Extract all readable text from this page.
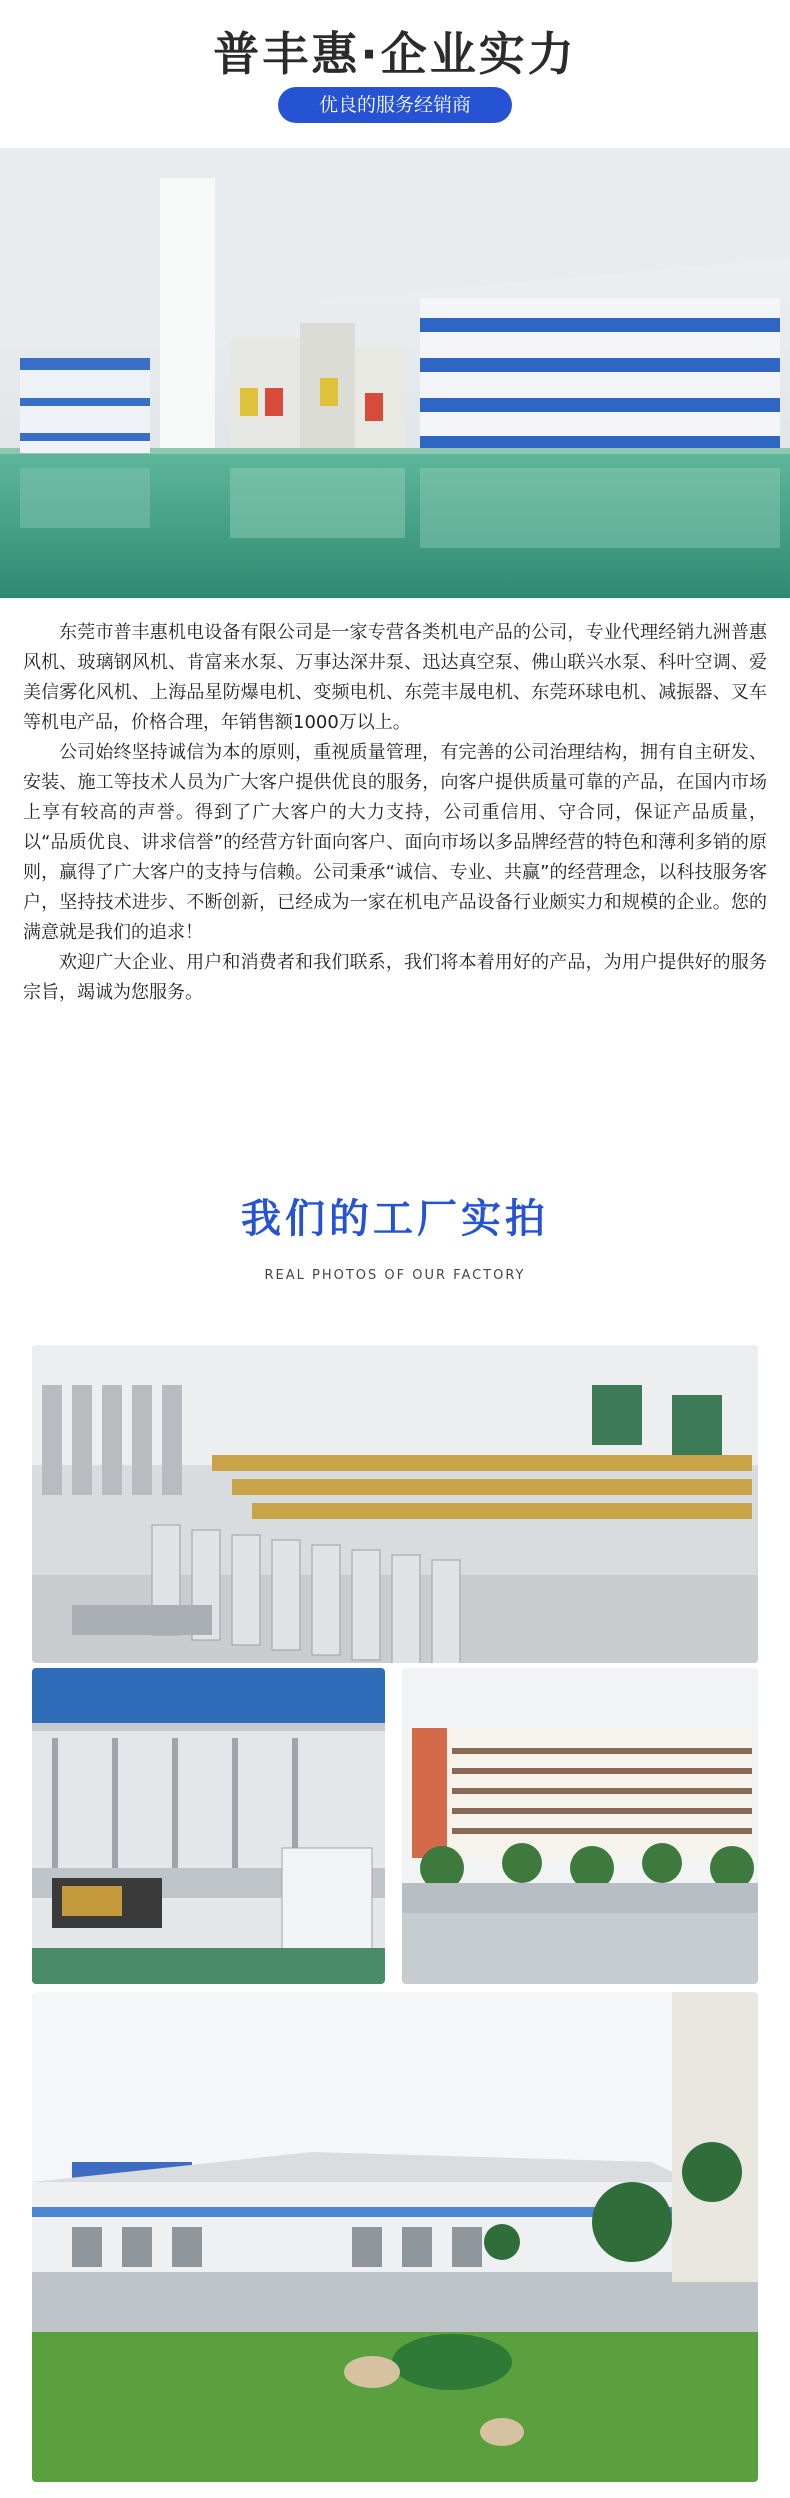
普丰惠·企业实力
优良的服务经销商

东莞市普丰惠机电设备有限公司是一家专营各类机电产品的公司，专业代理经销九洲普惠风机、玻璃钢风机、肯富来水泵、万事达深井泵、迅达真空泵、佛山联兴水泵、科叶空调、爱美信雾化风机、上海品星防爆电机、变频电机、东莞丰晟电机、东莞环球电机、减振器、叉车等机电产品，价格合理，年销售额1000万以上。

公司始终坚持诚信为本的原则，重视质量管理，有完善的公司治理结构，拥有自主研发、安装、施工等技术人员为广大客户提供优良的服务，向客户提供质量可靠的产品，在国内市场上享有较高的声誉。得到了广大客户的大力支持，公司重信用、守合同，保证产品质量，以“品质优良、讲求信誉”的经营方针面向客户、面向市场以多品牌经营的特色和薄利多销的原则，赢得了广大客户的支持与信赖。公司秉承“诚信、专业、共赢”的经营理念，以科技服务客户，坚持技术进步、不断创新，已经成为一家在机电产品设备行业颇实力和规模的企业。您的满意就是我们的追求！

欢迎广大企业、用户和消费者和我们联系，我们将本着用好的产品，为用户提供好的服务宗旨，竭诚为您服务。

我们的工厂实拍
REAL PHOTOS OF OUR FACTORY
